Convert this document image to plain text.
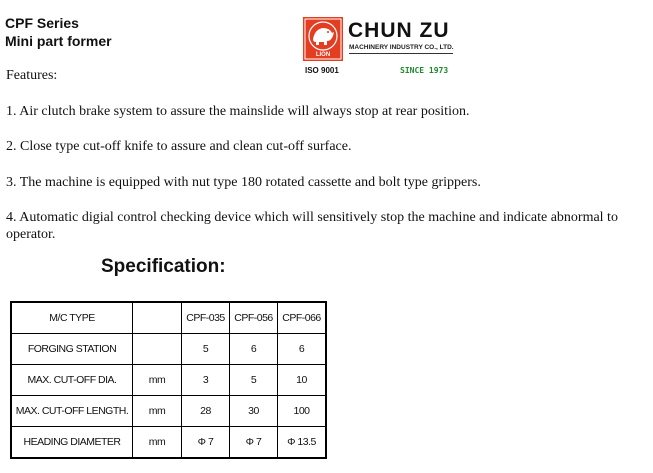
CPF Series
Mini part former
LION
CHUN ZU
MACHINERY INDUSTRY CO., LTD.
ISO 9001	SINCE 1973
Features:
1. Air clutch brake system to assure the mainslide will always stop at rear position.
2. Close type cut-off knife to assure and clean cut-off surface.
3. The machine is equipped with nut type 180 rotated cassette and bolt type grippers.
4. Automatic digial control checking device which will sensitively stop the machine and indicate abnormal to operator.
Specification:
M/C TYPE		CPF-035	CPF-056	CPF-066
FORGING STATION		5	6	6
MAX. CUT-OFF DIA.	mm	3	5	10
MAX. CUT-OFF LENGTH.	mm	28	30	100
HEADING DIAMETER	mm	Φ 7	Φ 7	Φ 13.5
